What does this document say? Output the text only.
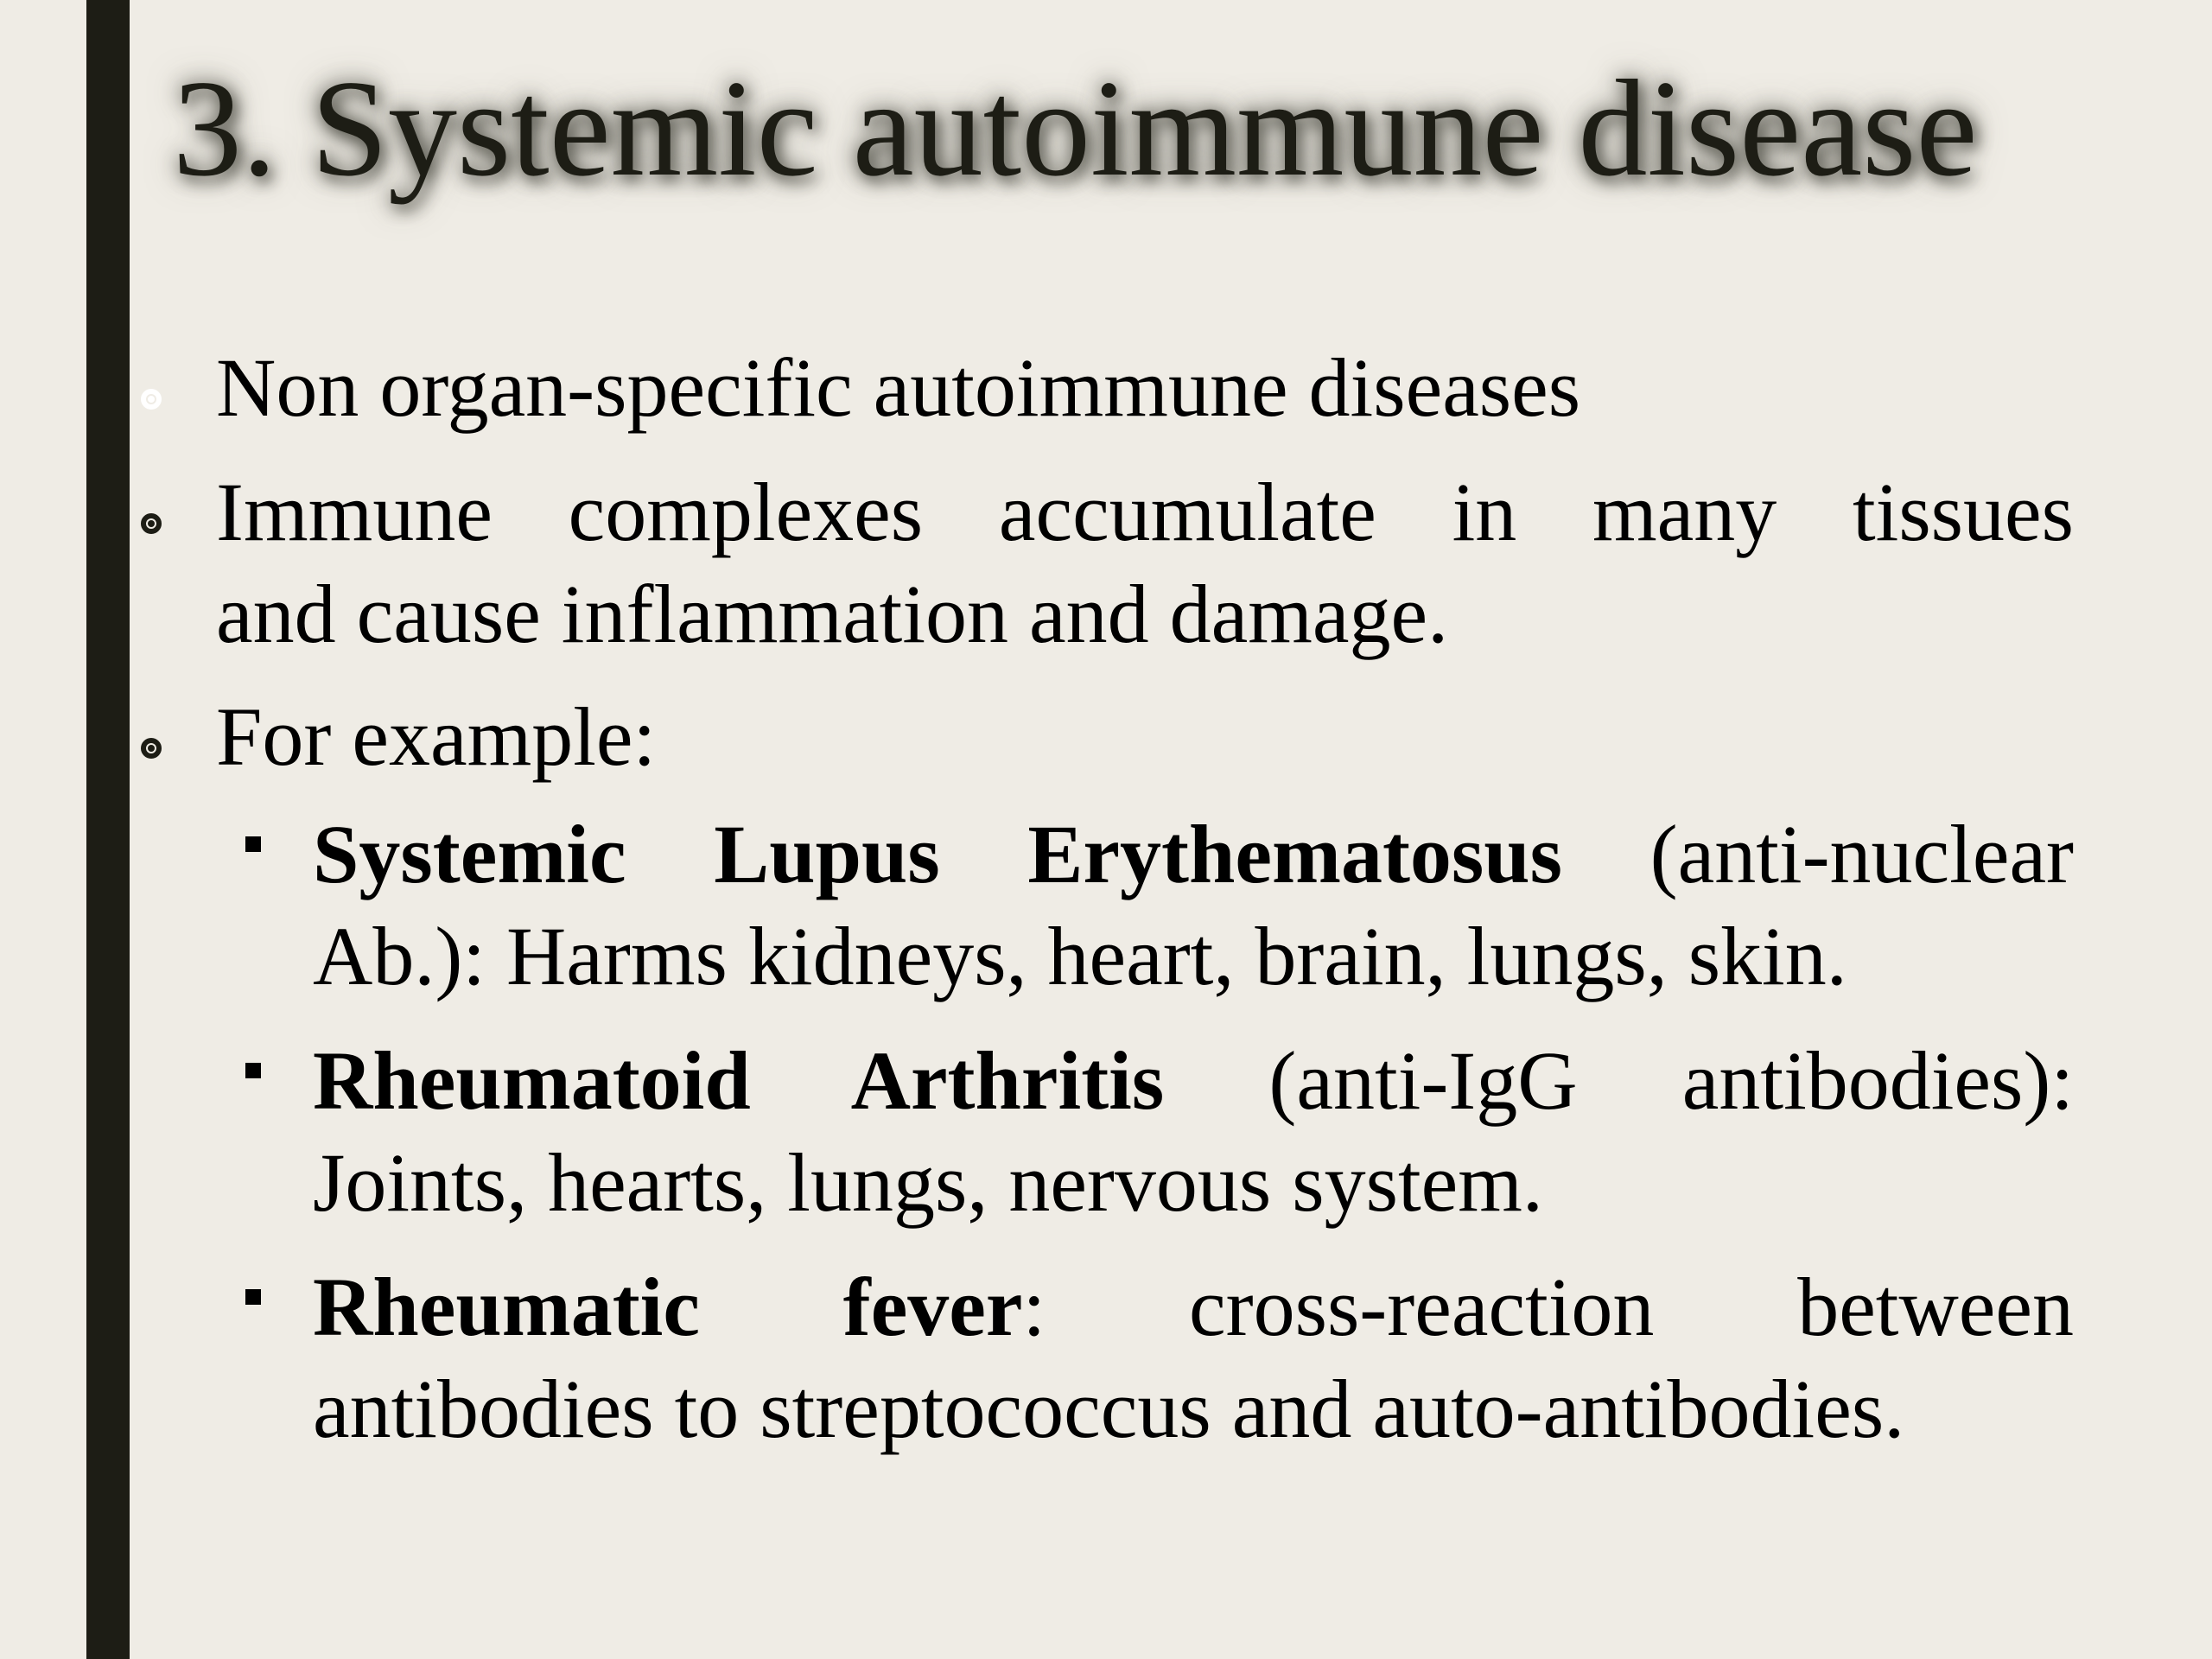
3. Systemic autoimmune disease
Non organ-specific autoimmune diseases
Immune complexes accumulate in many tissues
and cause inflammation and damage.
For example:
Systemic Lupus Erythematosus (anti-nuclear
Ab.): Harms kidneys, heart, brain, lungs, skin.
Rheumatoid Arthritis (anti-IgG antibodies):
Joints, hearts, lungs, nervous system.
Rheumatic fever: cross-reaction between
antibodies to streptococcus and auto-antibodies.
